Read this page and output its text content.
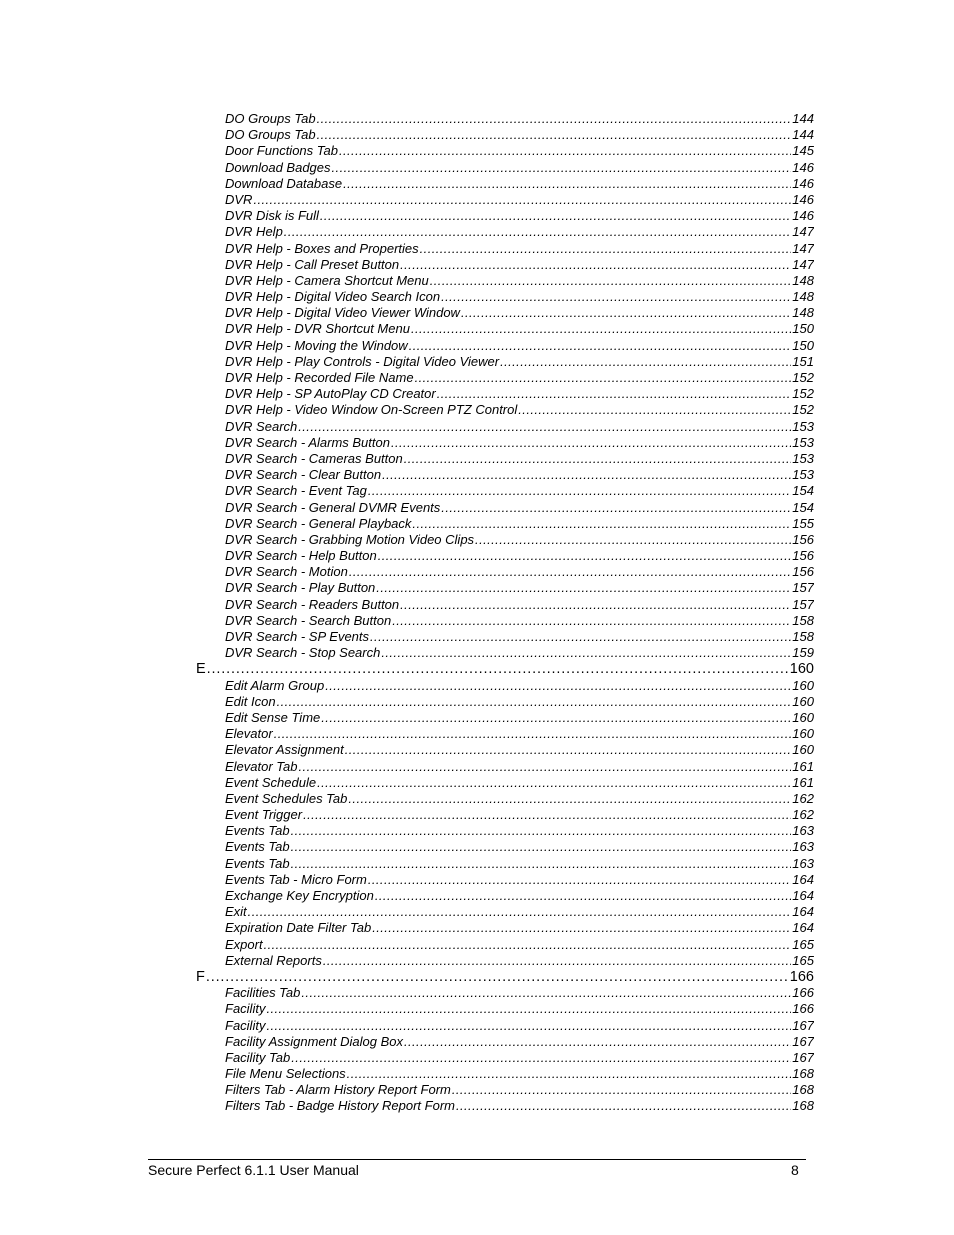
DO Groups Tab . . .	144
DO Groups Tab . . .	144
Door Functions Tab . . .	145
Download Badges . . .	146
Download Database . . .	146
DVR . . .	146
DVR Disk is Full . . .	146
DVR Help . . .	147
DVR Help - Boxes and Properties . . .	147
DVR Help - Call Preset Button . . .	147
DVR Help - Camera Shortcut Menu . . .	148
DVR Help - Digital Video Search Icon . . .	148
DVR Help - Digital Video Viewer Window . . .	148
DVR Help - DVR Shortcut Menu . . .	150
DVR Help - Moving the Window . . .	150
DVR Help - Play Controls - Digital Video Viewer . . .	151
DVR Help - Recorded File Name . . .	152
DVR Help - SP AutoPlay CD Creator . . .	152
DVR Help - Video Window On-Screen PTZ Control . . .	152
DVR Search . . .	153
DVR Search - Alarms Button . . .	153
DVR Search - Cameras Button . . .	153
DVR Search - Clear Button . . .	153
DVR Search - Event Tag . . .	154
DVR Search - General DVMR Events . . .	154
DVR Search - General Playback . . .	155
DVR Search - Grabbing Motion Video Clips . . .	156
DVR Search - Help Button . . .	156
DVR Search - Motion . . .	156
DVR Search - Play Button . . .	157
DVR Search - Readers Button . . .	157
DVR Search - Search Button . . .	158
DVR Search - SP Events . . .	158
DVR Search - Stop Search . . .	159
E . . .	160
Edit Alarm Group . . .	160
Edit Icon . . .	160
Edit Sense Time . . .	160
Elevator . . .	160
Elevator Assignment . . .	160
Elevator Tab . . .	161
Event Schedule . . .	161
Event Schedules Tab . . .	162
Event Trigger . . .	162
Events Tab . . .	163
Events Tab . . .	163
Events Tab . . .	163
Events Tab - Micro Form . . .	164
Exchange Key Encryption . . .	164
Exit . . .	164
Expiration Date Filter Tab . . .	164
Export . . .	165
External Reports . . .	165
F . . .	166
Facilities Tab . . .	166
Facility . . .	166
Facility . . .	167
Facility Assignment Dialog Box . . .	167
Facility Tab . . .	167
File Menu Selections . . .	168
Filters Tab - Alarm History Report Form . . .	168
Filters Tab - Badge History Report Form . . .	168
Secure Perfect 6.1.1 User Manual	8
